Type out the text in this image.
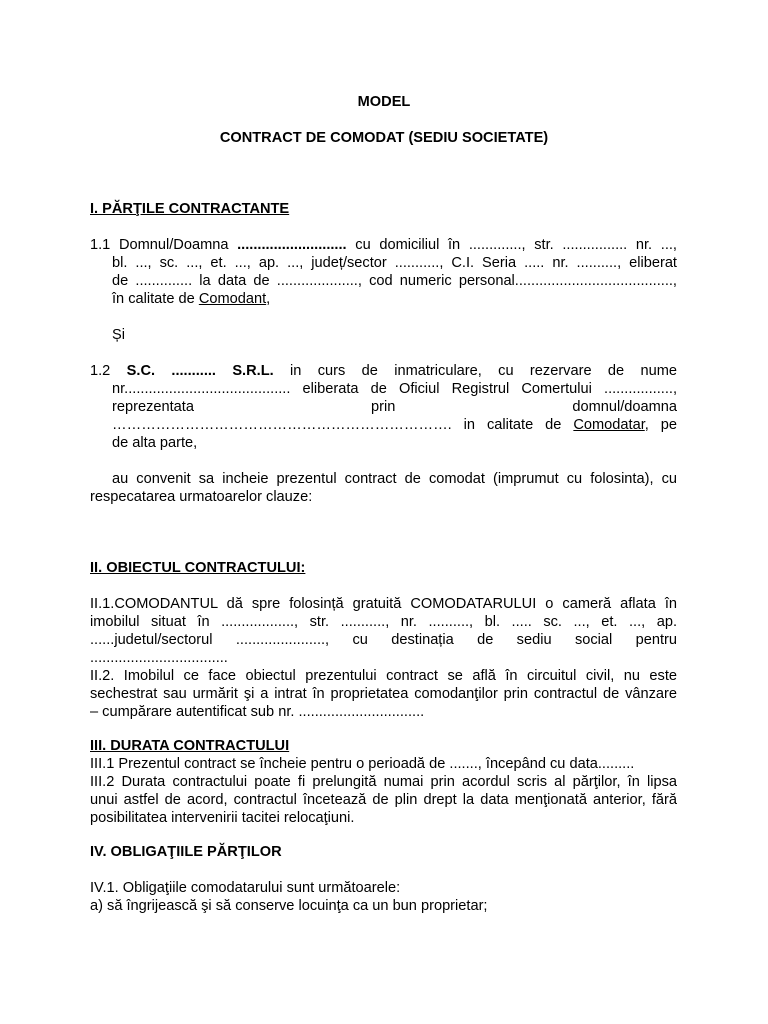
MODEL
CONTRACT DE COMODAT (SEDIU SOCIETATE)
I. PĂRŢILE CONTRACTANTE
1.1 Domnul/Doamna ........................... cu domiciliul în ............., str. ................ nr. ...,
bl. ..., sc. ..., et. ..., ap. ..., județ/sector ..........., C.I. Seria ..... nr. .........., eliberat
de .............. la data de ...................., cod numeric personal.......................................,
în calitate de Comodant,
Și
1.2 S.C. ........... S.R.L. in curs de inmatriculare, cu rezervare de nume
nr......................................... eliberata de Oficiul Registrul Comertului .................,
reprezentata prin domnul/doamna
……………………………………………………………. in calitate de Comodatar, pe
de alta parte,
au convenit sa incheie prezentul contract de comodat (imprumut cu folosinta), cu
respecatarea urmatoarelor clauze:
II. OBIECTUL CONTRACTULUI:
II.1.COMODANTUL dă spre folosință gratuită COMODATARULUI o cameră aflata în
imobilul situat în .................., str. ..........., nr. .........., bl. ..... sc. ..., et. ..., ap.
......judetul/sectorul ......................, cu destinația de sediu social pentru
..................................
II.2. Imobilul ce face obiectul prezentului contract se află în circuitul civil, nu este
sechestrat sau urmărit şi a intrat în proprietatea comodanţilor prin contractul de vânzare
– cumpărare autentificat sub nr. ...............................
III. DURATA CONTRACTULUI
III.1 Prezentul contract se încheie pentru o perioadă de ......., începând cu data.........
III.2 Durata contractului poate fi prelungită numai prin acordul scris al părţilor, în lipsa
unui astfel de acord, contractul încetează de plin drept la data menţionată anterior, fără
posibilitatea intervenirii tacitei relocaţiuni.
IV. OBLIGAŢIILE PĂRŢILOR
IV.1. Obligaţiile comodatarului sunt următoarele:
a) să îngrijească şi să conserve locuinţa ca un bun proprietar;
